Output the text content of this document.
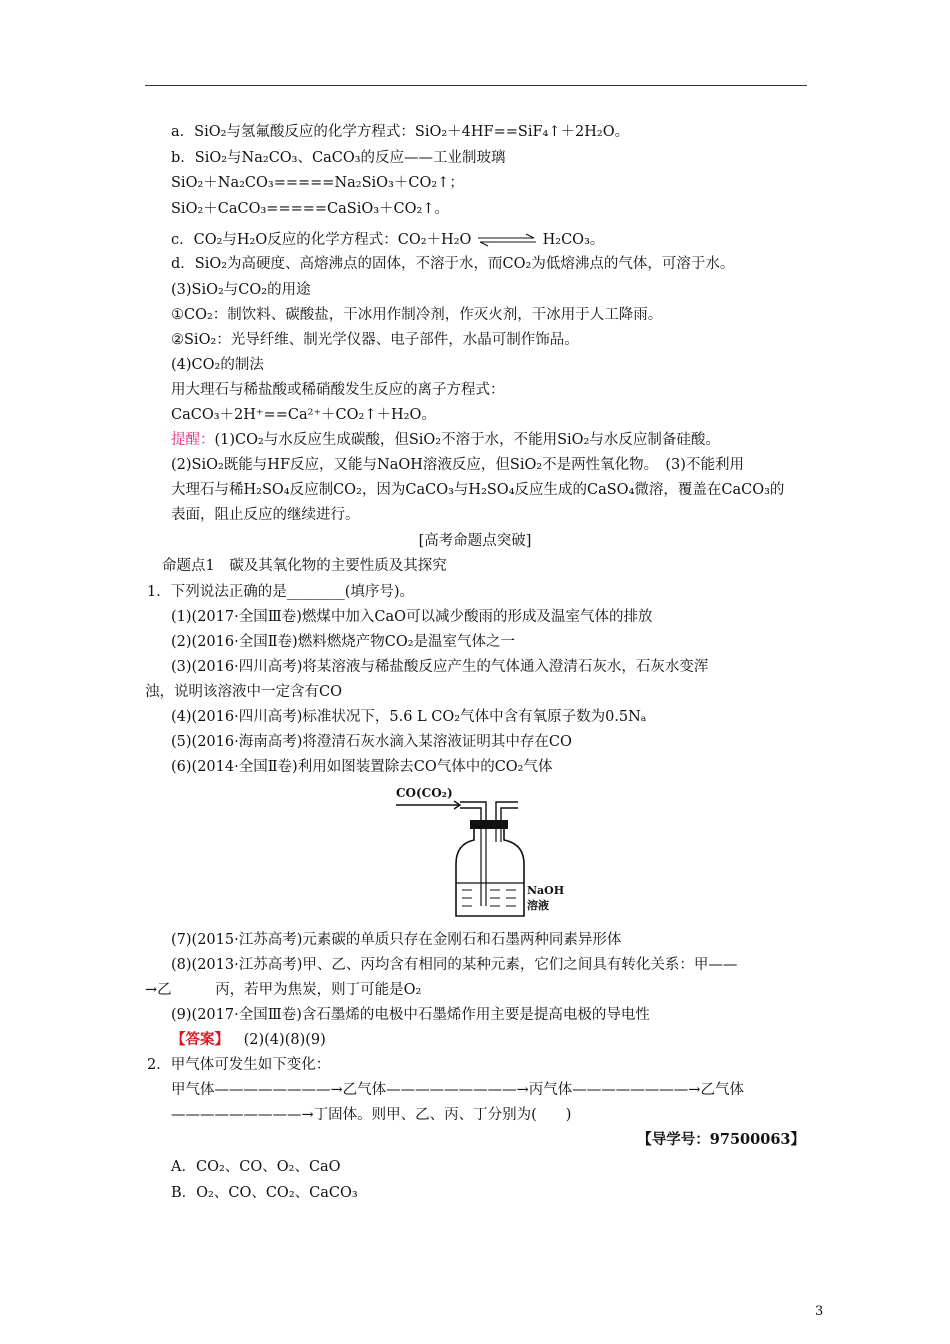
a．SiO₂与氢氟酸反应的化学方程式：SiO₂＋4HF==SiF₄↑＋2H₂O。
b．SiO₂与Na₂CO₃、CaCO₃的反应——工业制玻璃
SiO₂＋Na₂CO₃=====Na₂SiO₃＋CO₂↑；
SiO₂＋CaCO₃=====CaSiO₃＋CO₂↑。
c．CO₂与H₂O反应的化学方程式：CO₂＋H₂O	H₂CO₃。
d．SiO₂为高硬度、高熔沸点的固体，不溶于水，而CO₂为低熔沸点的气体，可溶于水。
(3)SiO₂与CO₂的用途
①CO₂：制饮料、碳酸盐，干冰用作制冷剂，作灭火剂，干冰用于人工降雨。
②SiO₂：光导纤维、制光学仪器、电子部件，水晶可制作饰品。
(4)CO₂的制法
用大理石与稀盐酸或稀硝酸发生反应的离子方程式：
CaCO₃＋2H⁺==Ca²⁺＋CO₂↑＋H₂O。
提醒：(1)CO₂与水反应生成碳酸，但SiO₂不溶于水，不能用SiO₂与水反应制备硅酸。
(2)SiO₂既能与HF反应，又能与NaOH溶液反应，但SiO₂不是两性氧化物。　(3)不能利用
大理石与稀H₂SO₄反应制CO₂，因为CaCO₃与H₂SO₄反应生成的CaSO₄微溶，覆盖在CaCO₃的
表面，阻止反应的继续进行。
[高考命题点突破]
命题点1　碳及其氧化物的主要性质及其探究
1．下列说法正确的是________(填序号)。
(1)(2017·全国Ⅲ卷)燃煤中加入CaO可以减少酸雨的形成及温室气体的排放
(2)(2016·全国Ⅱ卷)燃料燃烧产物CO₂是温室气体之一
(3)(2016·四川高考)将某溶液与稀盐酸反应产生的气体通入澄清石灰水，石灰水变浑
浊，说明该溶液中一定含有CO
(4)(2016·四川高考)标准状况下，5.6 L CO₂气体中含有氧原子数为0.5Nₐ
(5)(2016·海南高考)将澄清石灰水滴入某溶液证明其中存在CO
(6)(2014·全国Ⅱ卷)利用如图装置除去CO气体中的CO₂气体
CO(CO₂)
NaOH
溶液
(7)(2015·江苏高考)元素碳的单质只存在金刚石和石墨两种同素异形体
(8)(2013·江苏高考)甲、乙、丙均含有相同的某种元素，它们之间具有转化关系：甲——
→乙　　　丙，若甲为焦炭，则丁可能是O₂
(9)(2017·全国Ⅲ卷)含石墨烯的电极中石墨烯作用主要是提高电极的导电性
【答案】 (2)(4)(8)(9)
2．甲气体可发生如下变化：
甲气体————————→乙气体—————————→丙气体————————→乙气体
—————————→丁固体。则甲、乙、丙、丁分别为(　　)
【导学号：97500063】
A．CO₂、CO、O₂、CaO
B．O₂、CO、CO₂、CaCO₃
3
